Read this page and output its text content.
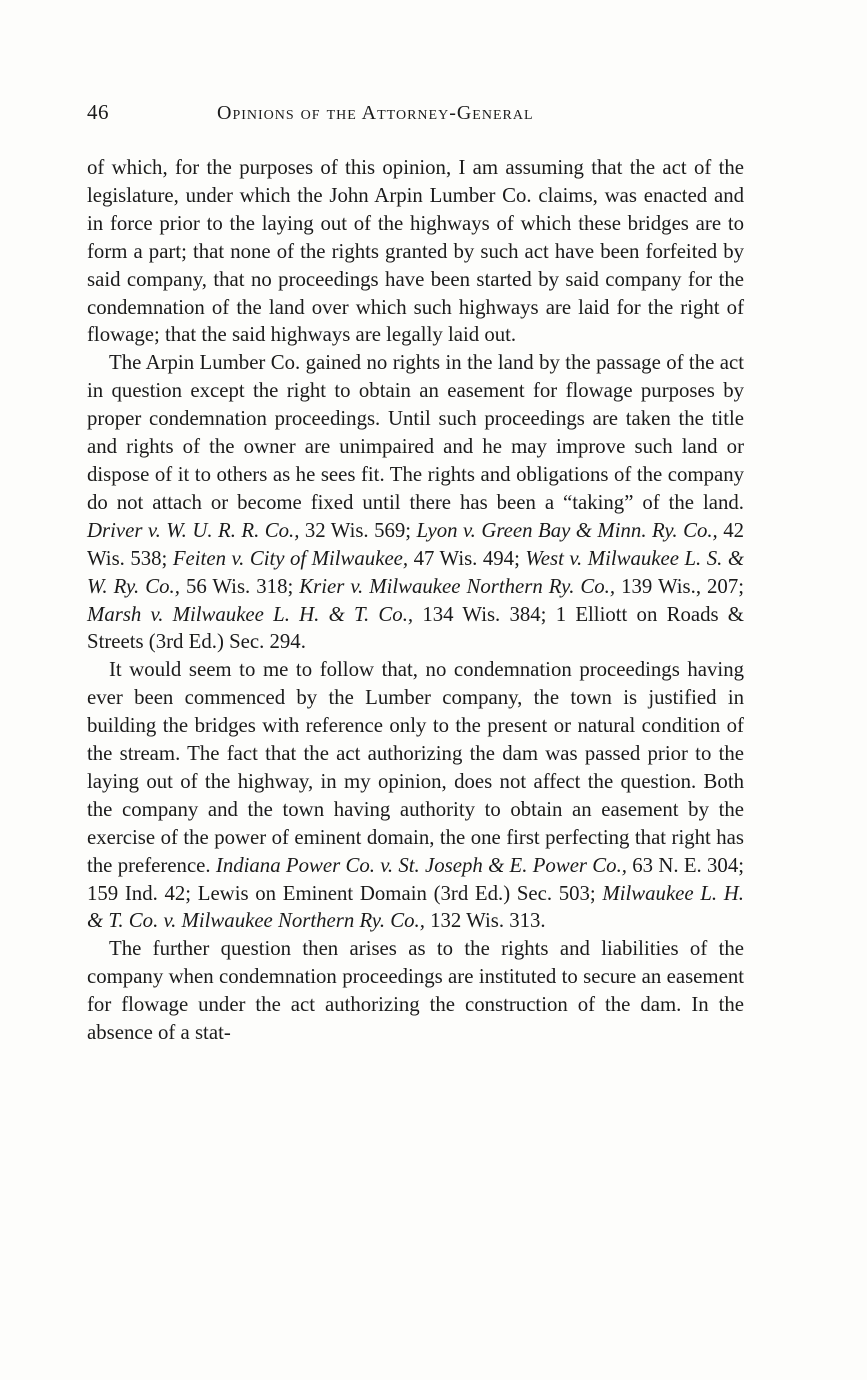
46	Opinions of the Attorney-General

of which, for the purposes of this opinion, I am assuming that the act of the legislature, under which the John Arpin Lumber Co. claims, was enacted and in force prior to the laying out of the highways of which these bridges are to form a part; that none of the rights granted by such act have been forfeited by said company, that no proceedings have been started by said company for the condemnation of the land over which such highways are laid for the right of flowage; that the said highways are legally laid out.

The Arpin Lumber Co. gained no rights in the land by the passage of the act in question except the right to obtain an easement for flowage purposes by proper condemnation proceedings. Until such proceedings are taken the title and rights of the owner are unimpaired and he may improve such land or dispose of it to others as he sees fit. The rights and obligations of the company do not attach or become fixed until there has been a “taking” of the land. Driver v. W. U. R. R. Co., 32 Wis. 569; Lyon v. Green Bay & Minn. Ry. Co., 42 Wis. 538; Feiten v. City of Milwaukee, 47 Wis. 494; West v. Milwaukee L. S. & W. Ry. Co., 56 Wis. 318; Krier v. Milwaukee Northern Ry. Co., 139 Wis., 207; Marsh v. Milwaukee L. H. & T. Co., 134 Wis. 384; 1 Elliott on Roads & Streets (3rd Ed.) Sec. 294.

It would seem to me to follow that, no condemnation proceedings having ever been commenced by the Lumber company, the town is justified in building the bridges with reference only to the present or natural condition of the stream. The fact that the act authorizing the dam was passed prior to the laying out of the highway, in my opinion, does not affect the question. Both the company and the town having authority to obtain an easement by the exercise of the power of eminent domain, the one first perfecting that right has the preference. Indiana Power Co. v. St. Joseph & E. Power Co., 63 N. E. 304; 159 Ind. 42; Lewis on Eminent Domain (3rd Ed.) Sec. 503; Milwaukee L. H. & T. Co. v. Milwaukee Northern Ry. Co., 132 Wis. 313.

The further question then arises as to the rights and liabilities of the company when condemnation proceedings are instituted to secure an easement for flowage under the act authorizing the construction of the dam. In the absence of a stat-
